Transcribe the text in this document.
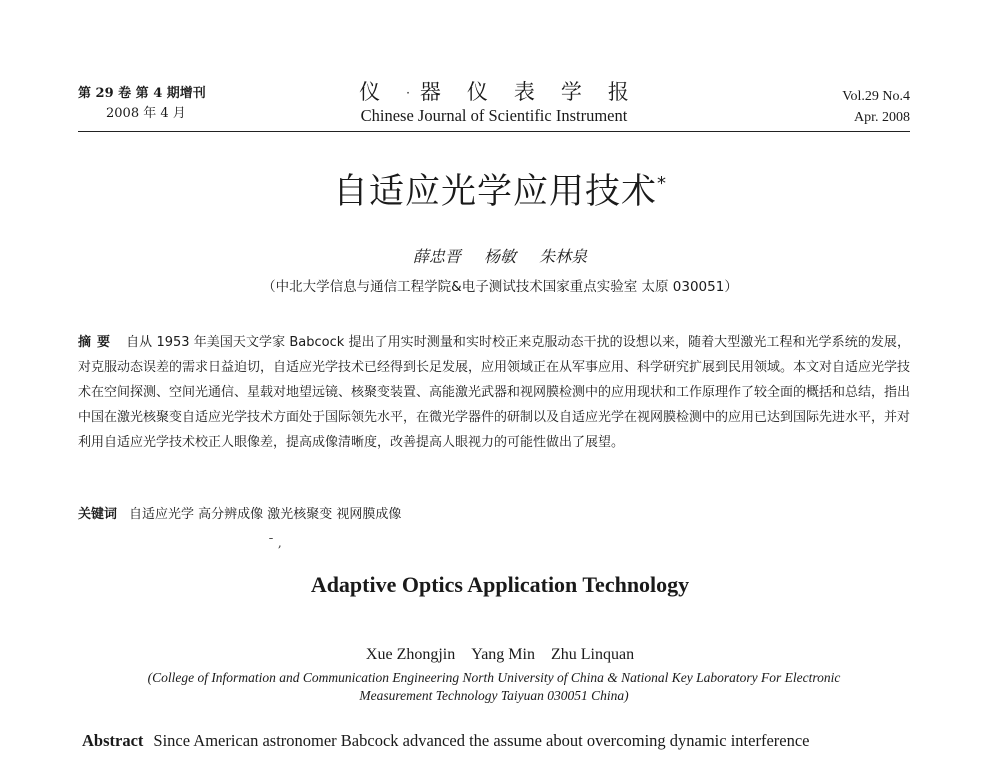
第 29 卷 第 4 期增刊
2008 年 4 月
仪·器仪表学报
Chinese Journal of Scientific Instrument
Vol.29 No.4
Apr. 2008
自适应光学应用技术*
薛忠晋 杨敏 朱林泉
（中北大学信息与通信工程学院&电子测试技术国家重点实验室 太原 030051）
摘要 自从 1953 年美国天文学家 Babcock 提出了用实时测量和实时校正来克服动态干扰的设想以来，随着大型激光工程和光学系统的发展，对克服动态误差的需求日益迫切，自适应光学技术已经得到长足发展，应用领域正在从军事应用、科学研究扩展到民用领域。本文对自适应光学技术在空间探测、空间光通信、星载对地望远镜、核聚变装置、高能激光武器和视网膜检测中的应用现状和工作原理作了较全面的概括和总结，指出中国在激光核聚变自适应光学技术方面处于国际领先水平，在微光学器件的研制以及自适应光学在视网膜检测中的应用已达到国际先进水平，并对利用自适应光学技术校正人眼像差，提高成像清晰度，改善提高人眼视力的可能性做出了展望。
关键词 自适应光学 高分辨成像 激光核聚变 视网膜成像
ˉ ,
Adaptive Optics Application Technology
Xue Zhongjin Yang Min Zhu Linquan
(College of Information and Communication Engineering North University of China & National Key Laboratory For Electronic
Measurement Technology Taiyuan 030051 China)
Abstract Since American astronomer Babcock advanced the assume about overcoming dynamic interference
